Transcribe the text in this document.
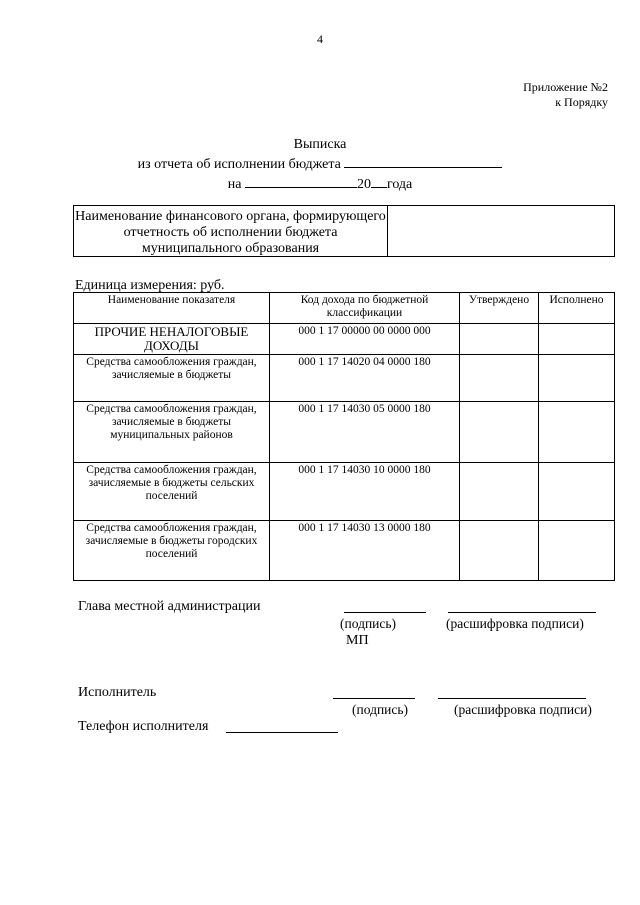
4
Приложение №2
к Порядку
Выписка
из отчета об исполнении бюджета
на	20 года
Наименование финансового органа, формирующего отчетность об исполнении бюджета муниципального образования
Единица измерения: руб.
Наименование показателя	Код дохода по бюджетной классификации	Утверждено	Исполнено
ПРОЧИЕ НЕНАЛОГОВЫЕ ДОХОДЫ	000 1 17 00000 00 0000 000		
Средства самообложения граждан, зачисляемые в бюджеты	000 1 17 14020 04 0000 180		
Средства самообложения граждан, зачисляемые в бюджеты муниципальных районов	000 1 17 14030 05 0000 180		
Средства самообложения граждан, зачисляемые в бюджеты сельских поселений	000 1 17 14030 10 0000 180		
Средства самообложения граждан, зачисляемые в бюджеты городских поселений	000 1 17 14030 13 0000 180		
Глава местной администрации
(подпись)	(расшифровка подписи)
МП
Исполнитель
(подпись)	(расшифровка подписи)
Телефон исполнителя
